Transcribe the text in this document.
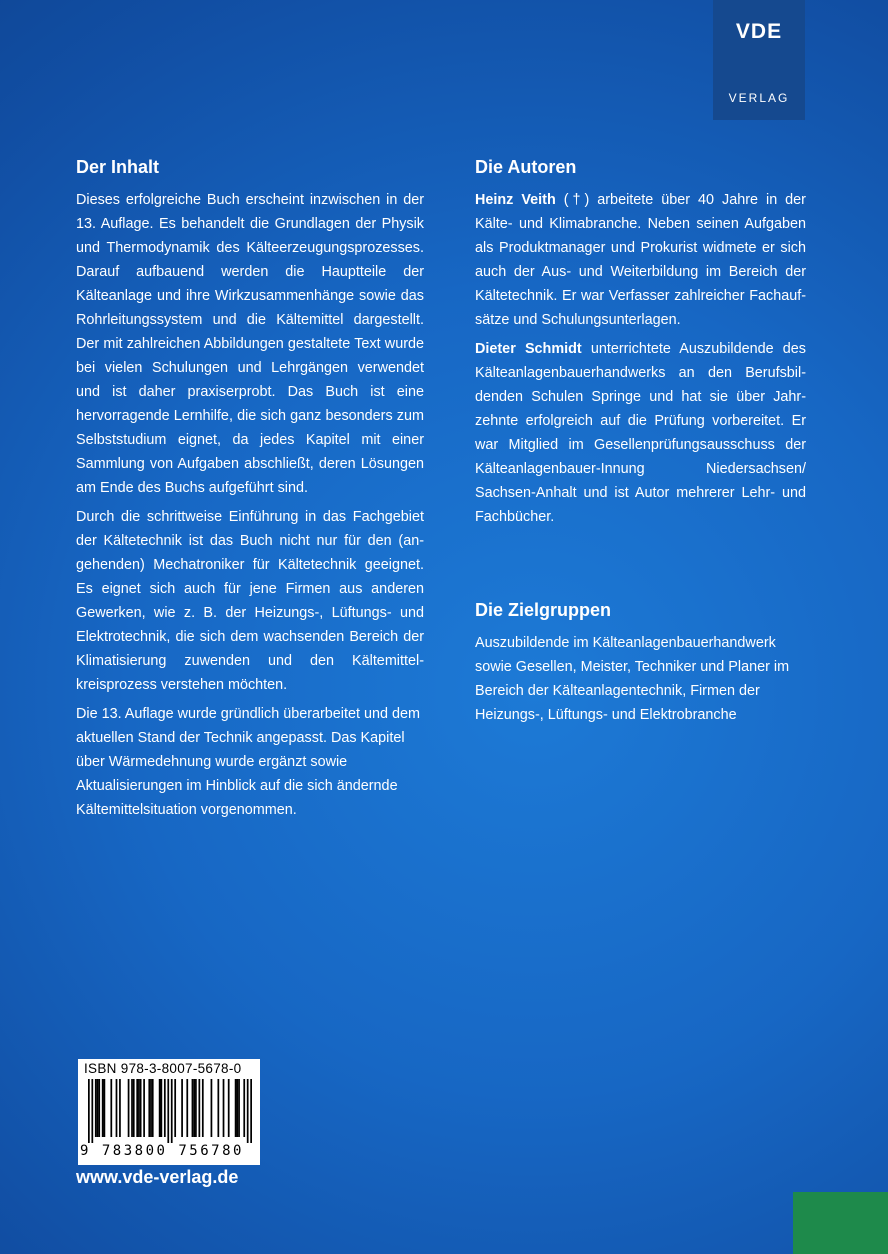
VDE
VERLAG
Der Inhalt

Dieses erfolgreiche Buch erscheint inzwischen in der 13. Auflage. Es behandelt die Grundlagen der Physik und Thermodynamik des Kälteerzeugungsprozesses. Darauf aufbauend werden die Hauptteile der Kälteanlage und ihre Wirkzusammenhänge sowie das Rohrleitungssystem und die Kältemittel dargestellt. Der mit zahlreichen Abbildungen gestaltete Text wurde bei vielen Schulungen und Lehrgängen verwendet und ist daher praxiserprobt. Das Buch ist eine hervorragende Lernhilfe, die sich ganz besonders zum Selbststudium eignet, da jedes Kapitel mit einer Sammlung von Aufgaben abschließt, deren Lösungen am Ende des Buchs aufgeführt sind.

Durch die schrittweise Einführung in das Fachgebiet der Kältetechnik ist das Buch nicht nur für den (angehenden) Mechatroniker für Kältetechnik geeignet. Es eignet sich auch für jene Firmen aus anderen Gewerken, wie z. B. der Heizungs-, Lüftungs- und Elektrotechnik, die sich dem wachsenden Bereich der Klimatisierung zuwenden und den Kältemittelkreisprozess verstehen möchten.

Die 13. Auflage wurde gründlich überarbeitet und dem aktuellen Stand der Technik angepasst. Das Kapitel über Wärmedehnung wurde ergänzt sowie Aktualisierungen im Hinblick auf die sich ändernde Kältemittelsituation vorgenommen.

Die Autoren

Heinz Veith (†) arbeitete über 40 Jahre in der Kälte- und Klimabranche. Neben seinen Aufgaben als Produktmanager und Prokurist widmete er sich auch der Aus- und Weiterbildung im Bereich der Kältetechnik. Er war Verfasser zahlreicher Fachaufsätze und Schulungsunterlagen.

Dieter Schmidt unterrichtete Auszubildende des Kälteanlagenbauerhandwerks an den Berufsbildenden Schulen Springe und hat sie über Jahrzehnte erfolgreich auf die Prüfung vorbereitet. Er war Mitglied im Gesellenprüfungsausschuss der Kälteanlagenbauer-Innung Niedersachsen/ Sachsen-Anhalt und ist Autor mehrerer Lehr- und Fachbücher.

Die Zielgruppen

Auszubildende im Kälteanlagenbauerhandwerk sowie Gesellen, Meister, Techniker und Planer im Bereich der Kälteanlagentechnik, Firmen der Heizungs-, Lüftungs- und Elektrobranche

ISBN 978-3-8007-5678-0
9 783800 756780
www.vde-verlag.de
